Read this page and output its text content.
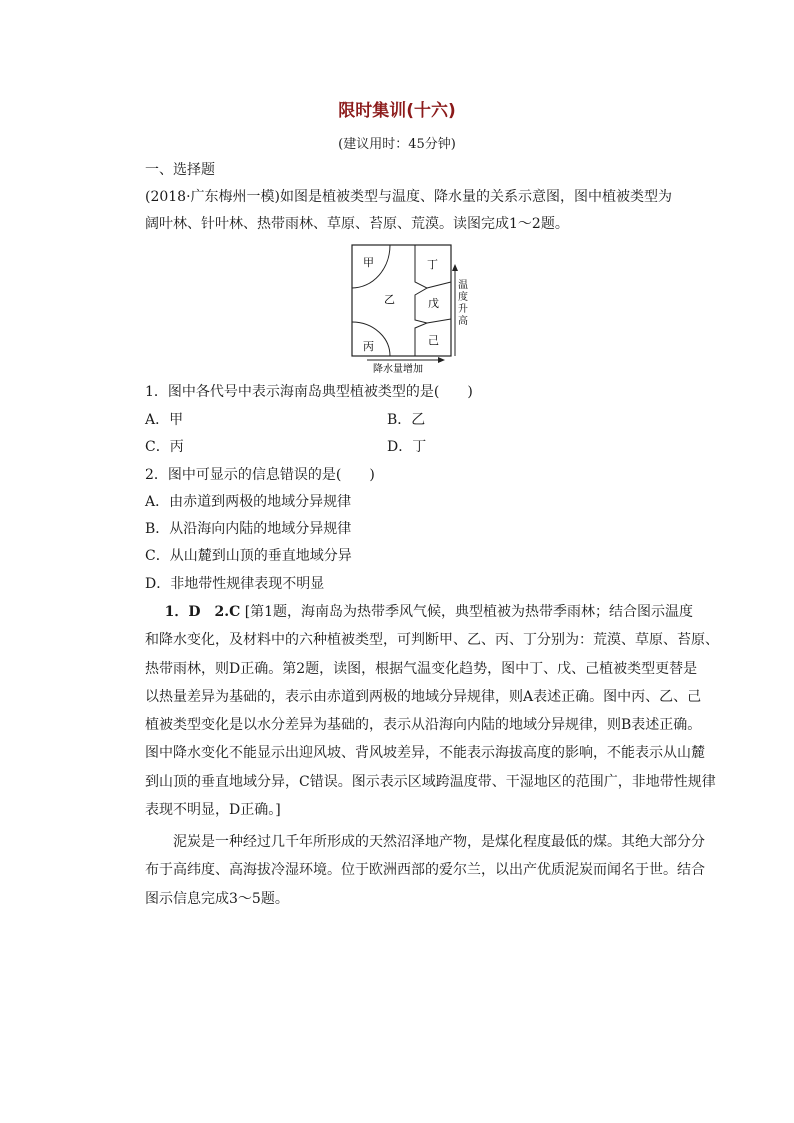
限时集训(十六)
(建议用时：45分钟)
一、选择题
(2018·广东梅州一模)如图是植被类型与温度、降水量的关系示意图，图中植被类型为
阔叶林、针叶林、热带雨林、草原、苔原、荒漠。读图完成1～2题。
甲
乙
丙
丁
戊
己
温
度
升
高
降水量增加
1．图中各代号中表示海南岛典型植被类型的是(　　)
A．甲	B．乙
C．丙	D．丁
2．图中可显示的信息错误的是(　　)
A．由赤道到两极的地域分异规律
B．从沿海向内陆的地域分异规律
C．从山麓到山顶的垂直地域分异
D．非地带性规律表现不明显

1．D　2.C [第1题，海南岛为热带季风气候，典型植被为热带季雨林；结合图示温度

和降水变化，及材料中的六种植被类型，可判断甲、乙、丙、丁分别为：荒漠、草原、苔原、

热带雨林，则D正确。第2题，读图，根据气温变化趋势，图中丁、戊、己植被类型更替是

以热量差异为基础的，表示由赤道到两极的地域分异规律，则A表述正确。图中丙、乙、己

植被类型变化是以水分差异为基础的，表示从沿海向内陆的地域分异规律，则B表述正确。

图中降水变化不能显示出迎风坡、背风坡差异，不能表示海拔高度的影响，不能表示从山麓

到山顶的垂直地域分异，C错误。图示表示区域跨温度带、干湿地区的范围广，非地带性规律

表现不明显，D正确。]

泥炭是一种经过几千年所形成的天然沼泽地产物，是煤化程度最低的煤。其绝大部分分

布于高纬度、高海拔冷湿环境。位于欧洲西部的爱尔兰，以出产优质泥炭而闻名于世。结合

图示信息完成3～5题。
